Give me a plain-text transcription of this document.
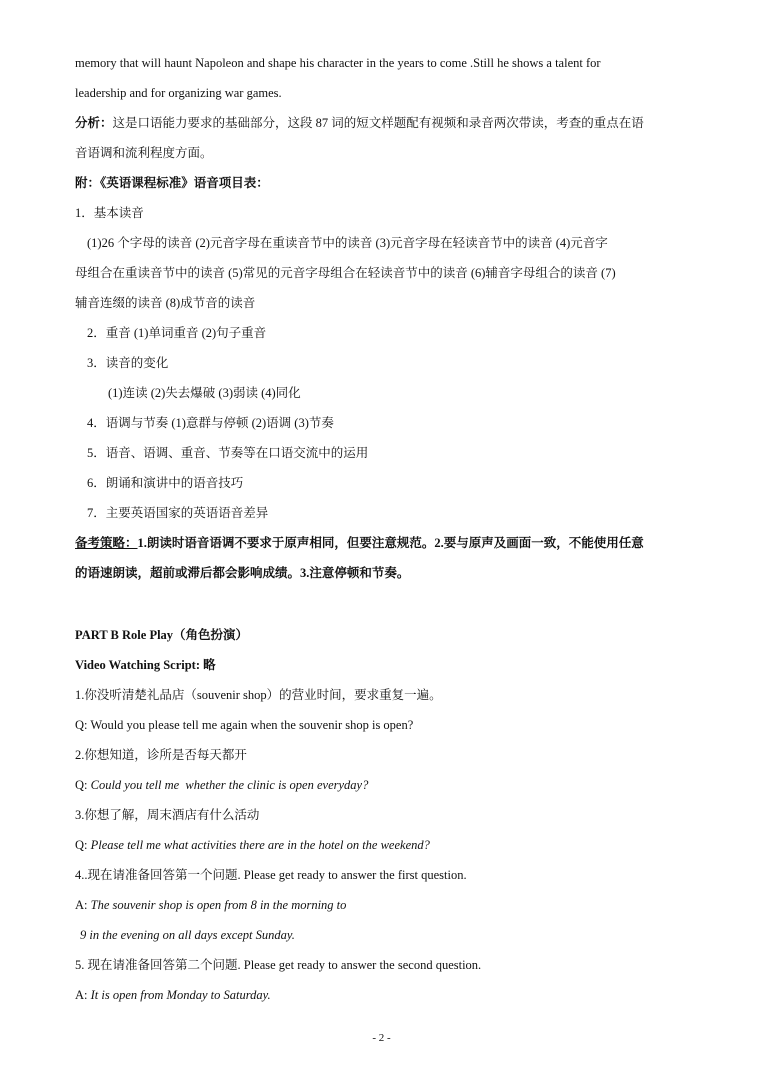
memory that will haunt Napoleon and shape his character in the years to come .Still he shows a talent for
leadership and for organizing war games.
分析：这是口语能力要求的基础部分，这段 87 词的短文样题配有视频和录音两次带读，考查的重点在语
音语调和流利程度方面。
附：《英语课程标准》语音项目表：
1．基本读音
(1)26 个字母的读音 (2)元音字母在重读音节中的读音 (3)元音字母在轻读音节中的读音 (4)元音字
母组合在重读音节中的读音 (5)常见的元音字母组合在轻读音节中的读音 (6)辅音字母组合的读音 (7)
辅音连缀的读音 (8)成节音的读音
2．重音 (1)单词重音 (2)句子重音
3．读音的变化
(1)连读 (2)失去爆破 (3)弱读 (4)同化
4．语调与节奏 (1)意群与停顿 (2)语调 (3)节奏
5．语音、语调、重音、节奏等在口语交流中的运用
6．朗诵和演讲中的语音技巧
7．主要英语国家的英语语音差异
备考策略：1.朗读时语音语调不要求于原声相同，但要注意规范。2.要与原声及画面一致，不能使用任意
的语速朗读，超前或滞后都会影响成绩。3.注意停顿和节奏。
PART B Role Play（角色扮演）
Video Watching Script: 略
1.你没听清楚礼品店（souvenir shop）的营业时间，要求重复一遍。
Q: Would you please tell me again when the souvenir shop is open?
2.你想知道，诊所是否每天都开
Q: Could you tell me  whether the clinic is open everyday?
3.你想了解，周末酒店有什么活动
Q: Please tell me what activities there are in the hotel on the weekend?
4..现在请准备回答第一个问题. Please get ready to answer the first question.
A: The souvenir shop is open from 8 in the morning to
9 in the evening on all days except Sunday.
5. 现在请准备回答第二个问题. Please get ready to answer the second question.
A: It is open from Monday to Saturday.
- 2 -
